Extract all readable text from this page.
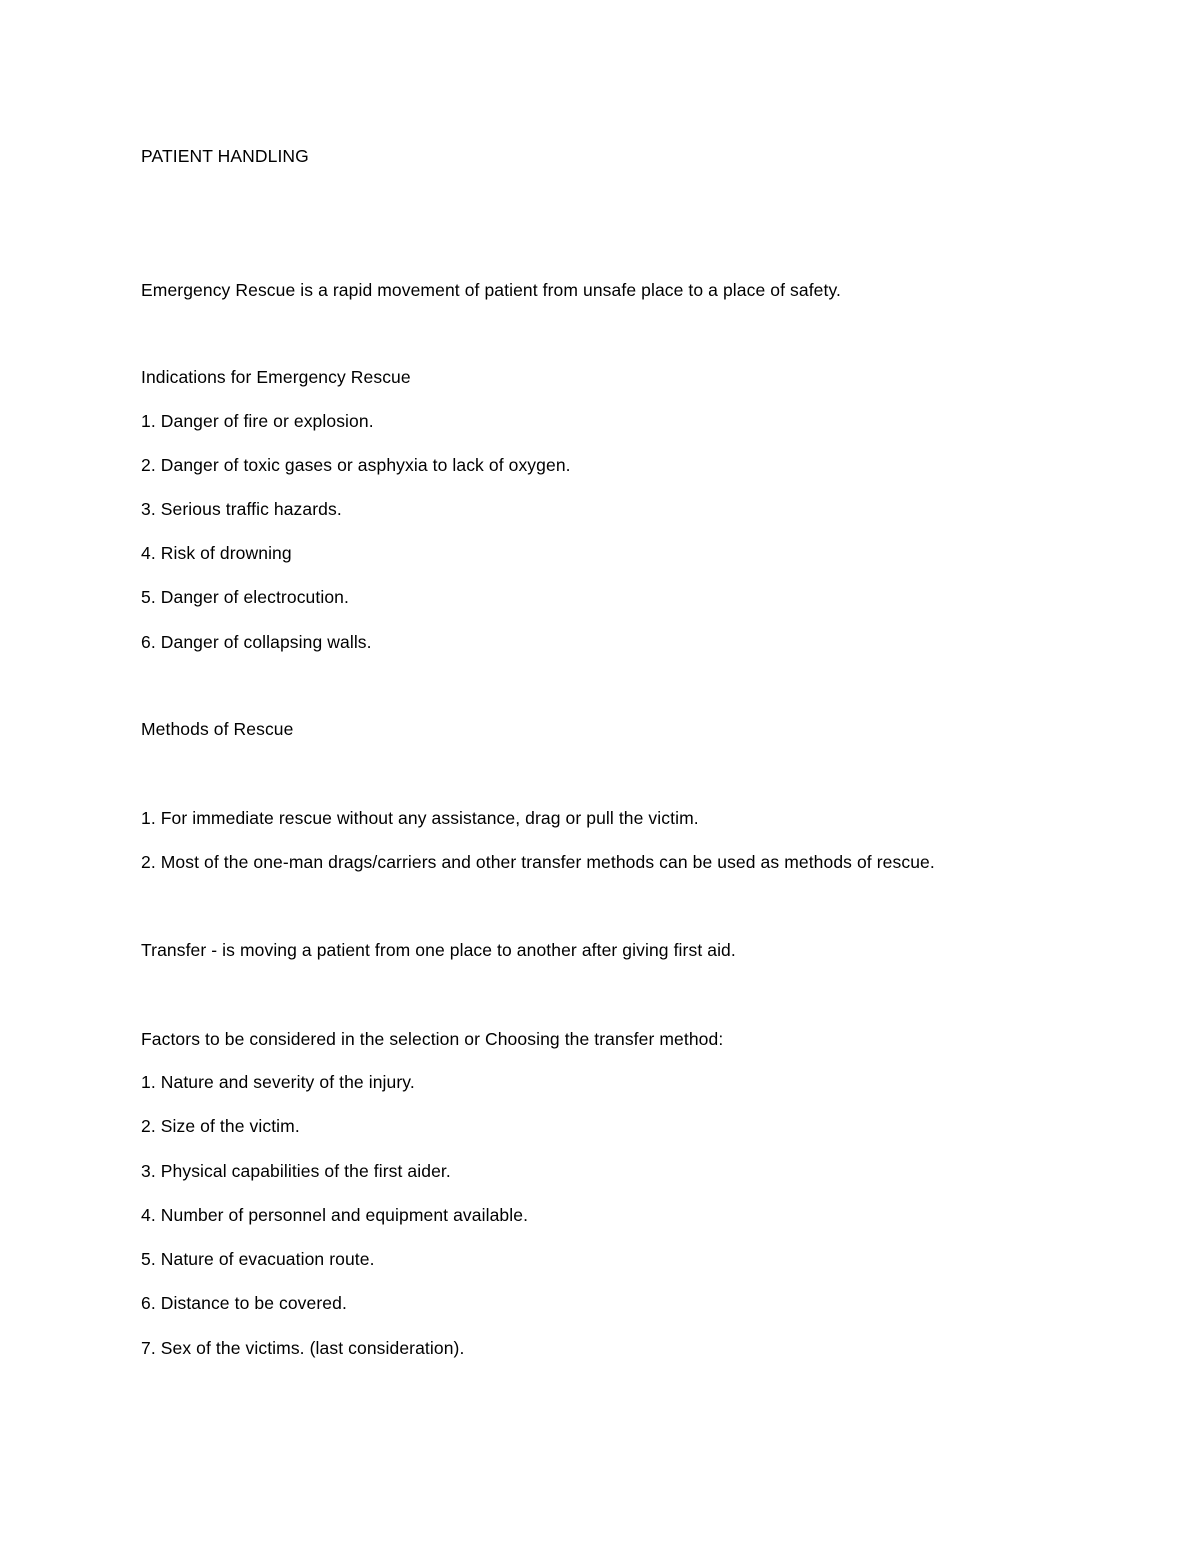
PATIENT HANDLING
Emergency Rescue is a rapid movement of patient from unsafe place to a place of safety.
Indications for Emergency Rescue
1. Danger of fire or explosion.
2. Danger of toxic gases or asphyxia to lack of oxygen.
3. Serious traffic hazards.
4. Risk of drowning
5. Danger of electrocution.
6. Danger of collapsing walls.
Methods of Rescue
1. For immediate rescue without any assistance, drag or pull the victim.
2. Most of the one-man drags/carriers and other transfer methods can be used as methods of rescue.
Transfer - is moving a patient from one place to another after giving first aid.
Factors to be considered in the selection or Choosing the transfer method:
1. Nature and severity of the injury.
2. Size of the victim.
3. Physical capabilities of the first aider.
4. Number of personnel and equipment available.
5. Nature of evacuation route.
6. Distance to be covered.
7. Sex of the victims. (last consideration).
